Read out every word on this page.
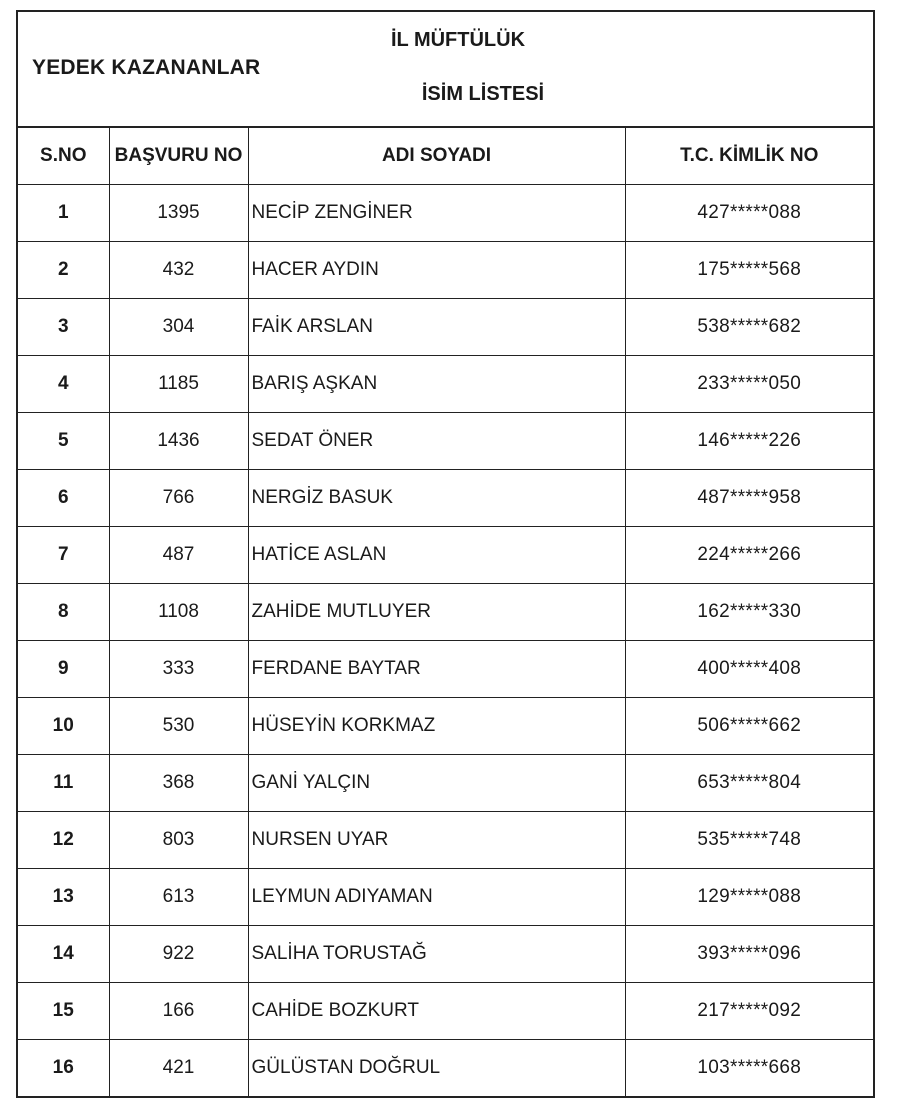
YEDEK KAZANANLAR
İL MÜFTÜLÜK
İSİM LİSTESİ
S.NO	BAŞVURU NO	ADI SOYADI	T.C. KİMLİK NO
1	1395	NECİP ZENGİNER	427*****088
2	432	HACER AYDIN	175*****568
3	304	FAİK ARSLAN	538*****682
4	1185	BARIŞ AŞKAN	233*****050
5	1436	SEDAT ÖNER	146*****226
6	766	NERGİZ BASUK	487*****958
7	487	HATİCE ASLAN	224*****266
8	1108	ZAHİDE MUTLUYER	162*****330
9	333	FERDANE BAYTAR	400*****408
10	530	HÜSEYİN KORKMAZ	506*****662
11	368	GANİ YALÇIN	653*****804
12	803	NURSEN UYAR	535*****748
13	613	LEYMUN ADIYAMAN	129*****088
14	922	SALİHA TORUSTAĞ	393*****096
15	166	CAHİDE BOZKURT	217*****092
16	421	GÜLÜSTAN DOĞRUL	103*****668
